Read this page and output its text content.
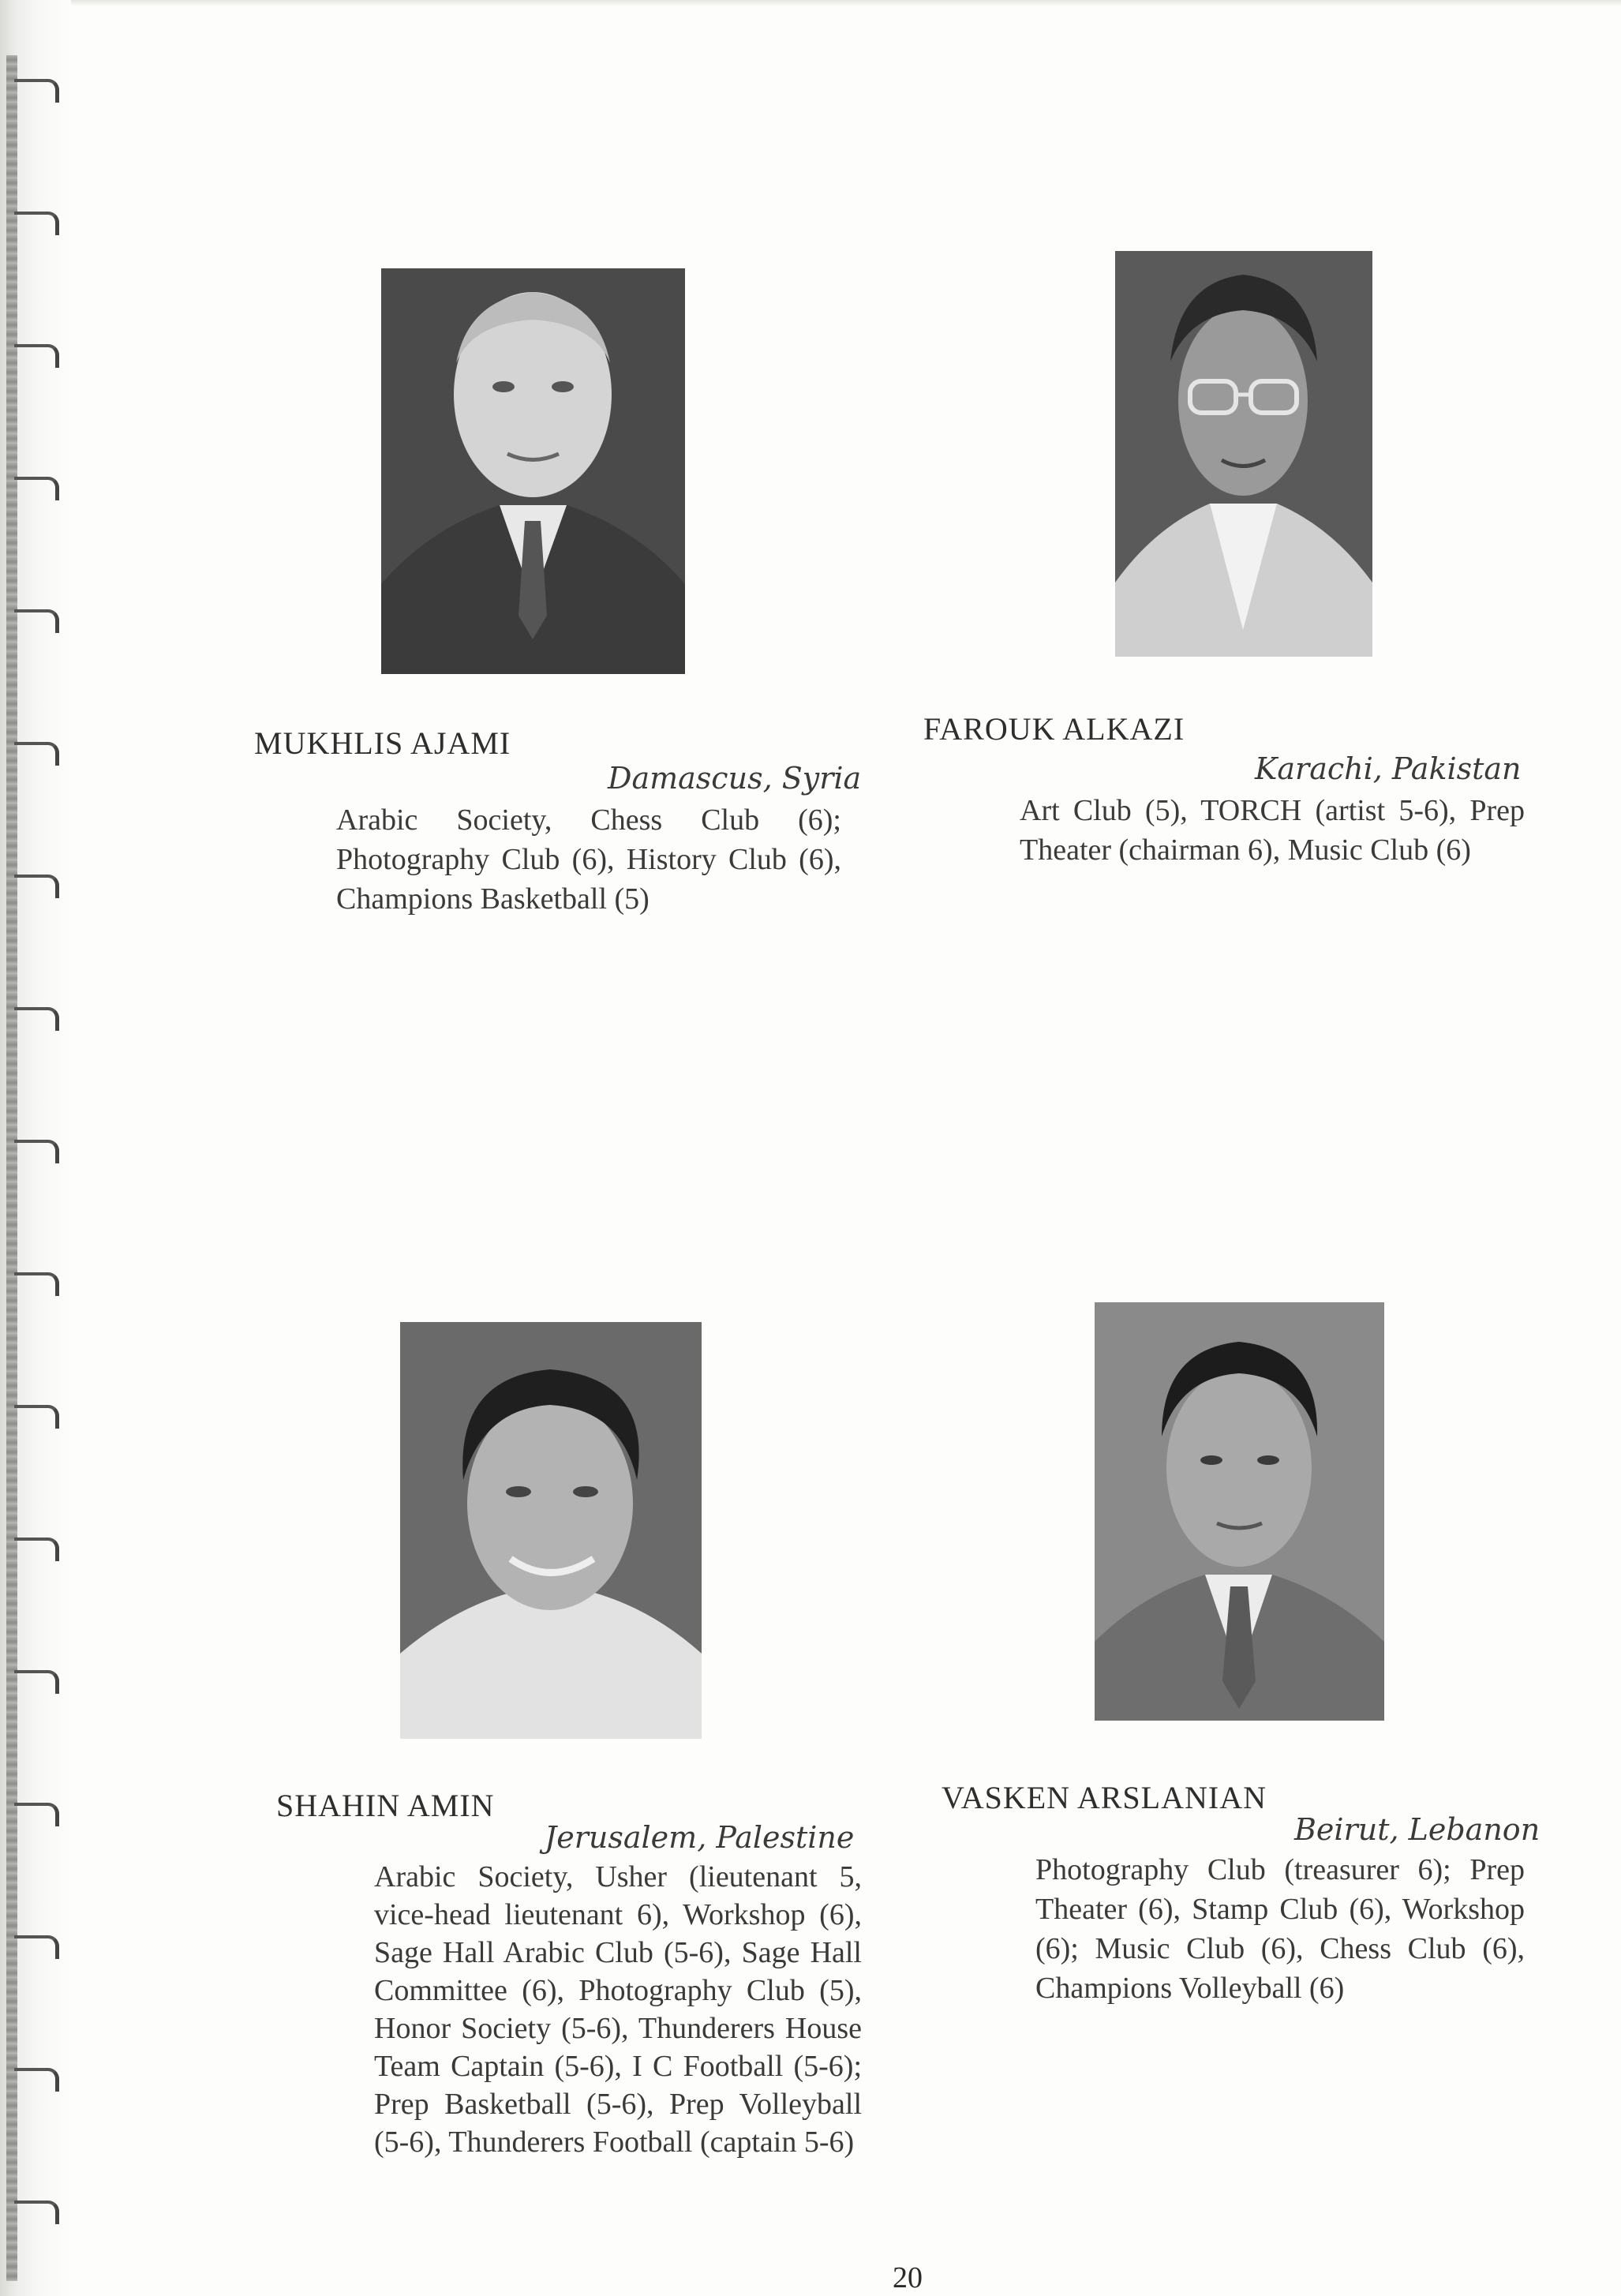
MUKHLIS AJAMI
Damascus, Syria
Arabic Society, Chess Club (6); Photography Club (6), History Club (6), Champions Basketball (5)
FAROUK ALKAZI
Karachi, Pakistan
Art Club (5), TORCH (artist 5-6), Prep Theater (chairman 6), Music Club (6)
SHAHIN AMIN
Jerusalem, Palestine
Arabic Society, Usher (lieutenant 5, vice-head lieutenant 6), Workshop (6), Sage Hall Arabic Club (5-6), Sage Hall Committee (6), Photography Club (5), Honor Society (5-6), Thunderers House Team Captain (5-6), I C Football (5-6); Prep Basketball (5-6), Prep Volleyball (5-6), Thunderers Football (captain 5-6)
VASKEN ARSLANIAN
Beirut, Lebanon
Photography Club (treasurer 6); Prep Theater (6), Stamp Club (6), Workshop (6); Music Club (6), Chess Club (6), Champions Volleyball (6)
20
